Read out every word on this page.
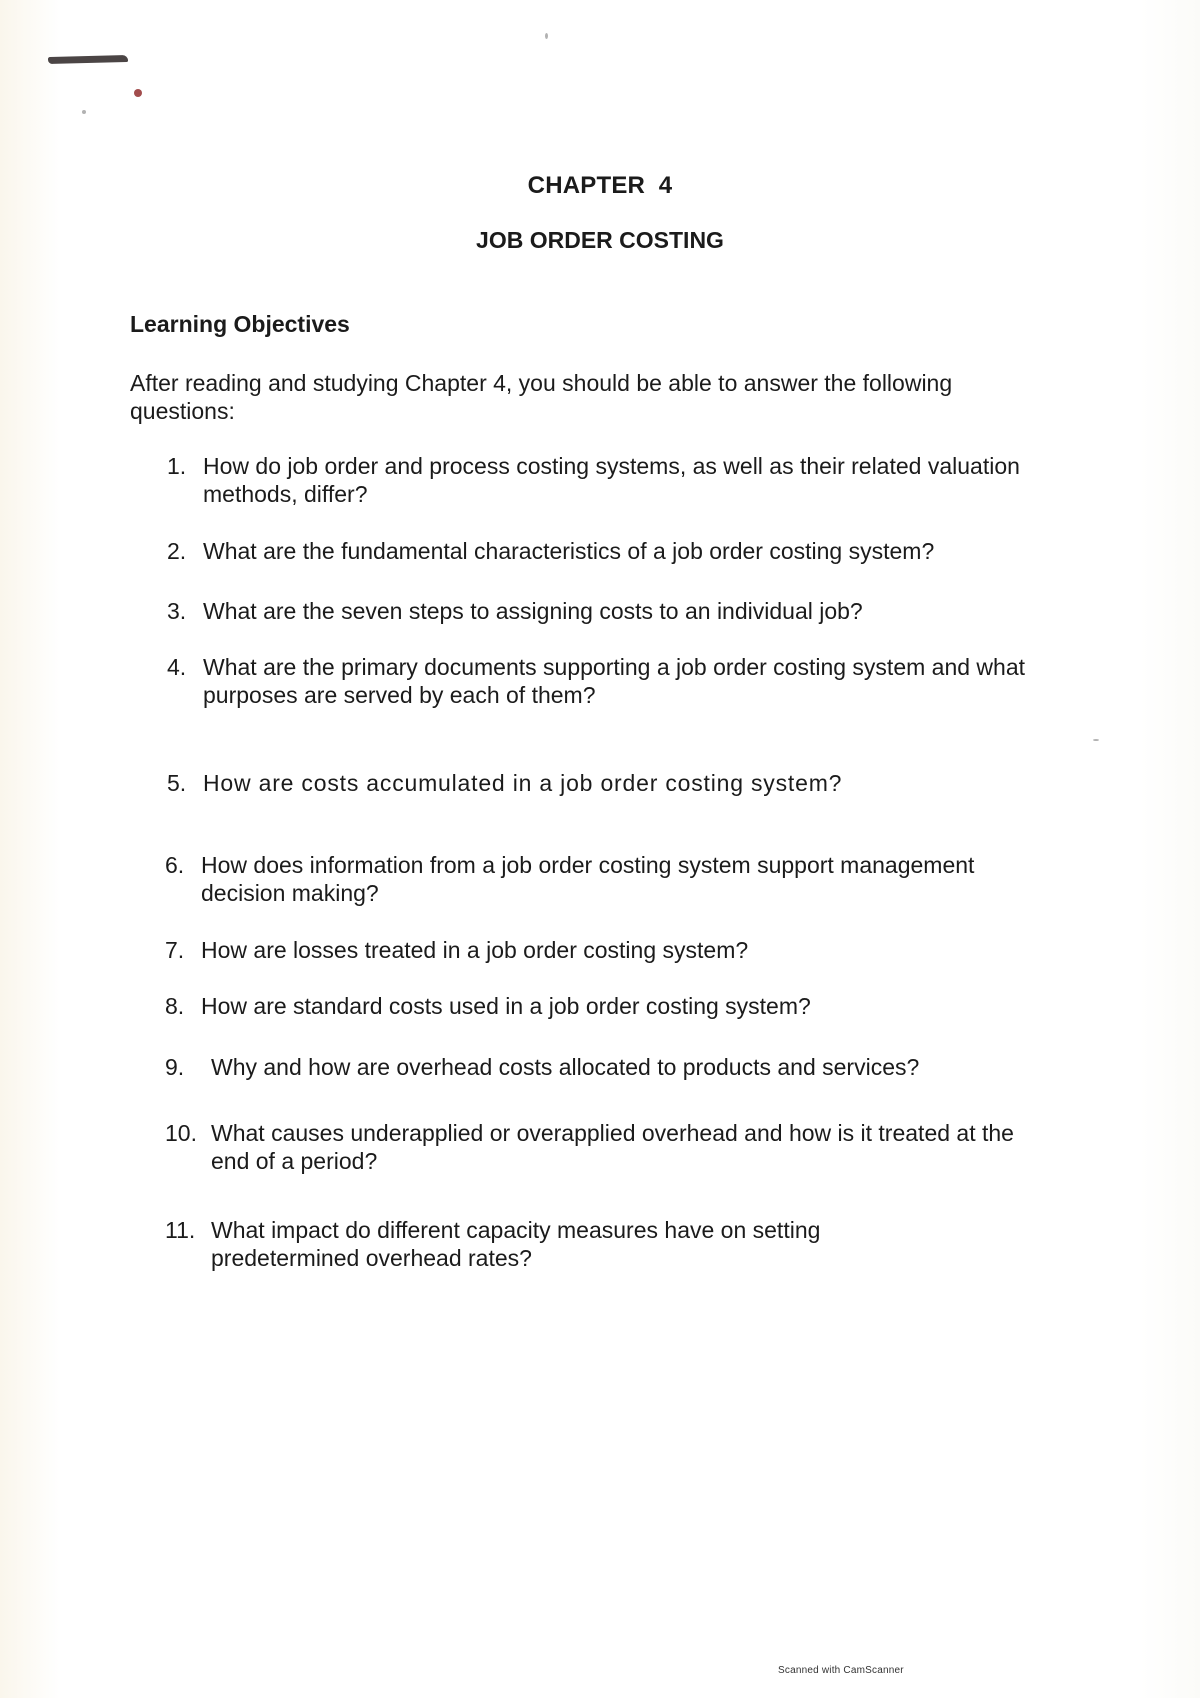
CHAPTER  4
JOB ORDER COSTING
Learning Objectives
After reading and studying Chapter 4, you should be able to answer the following questions:
1. How do job order and process costing systems, as well as their related valuation methods, differ?
2. What are the fundamental characteristics of a job order costing system?
3. What are the seven steps to assigning costs to an individual job?
4. What are the primary documents supporting a job order costing system and what purposes are served by each of them?
5. How are costs accumulated in a job order costing system?
6. How does information from a job order costing system support management decision making?
7. How are losses treated in a job order costing system?
8. How are standard costs used in a job order costing system?
9. Why and how are overhead costs allocated to products and services?
10. What causes underapplied or overapplied overhead and how is it treated at the end of a period?
11. What impact do different capacity measures have on setting predetermined overhead rates?
Scanned with CamScanner
